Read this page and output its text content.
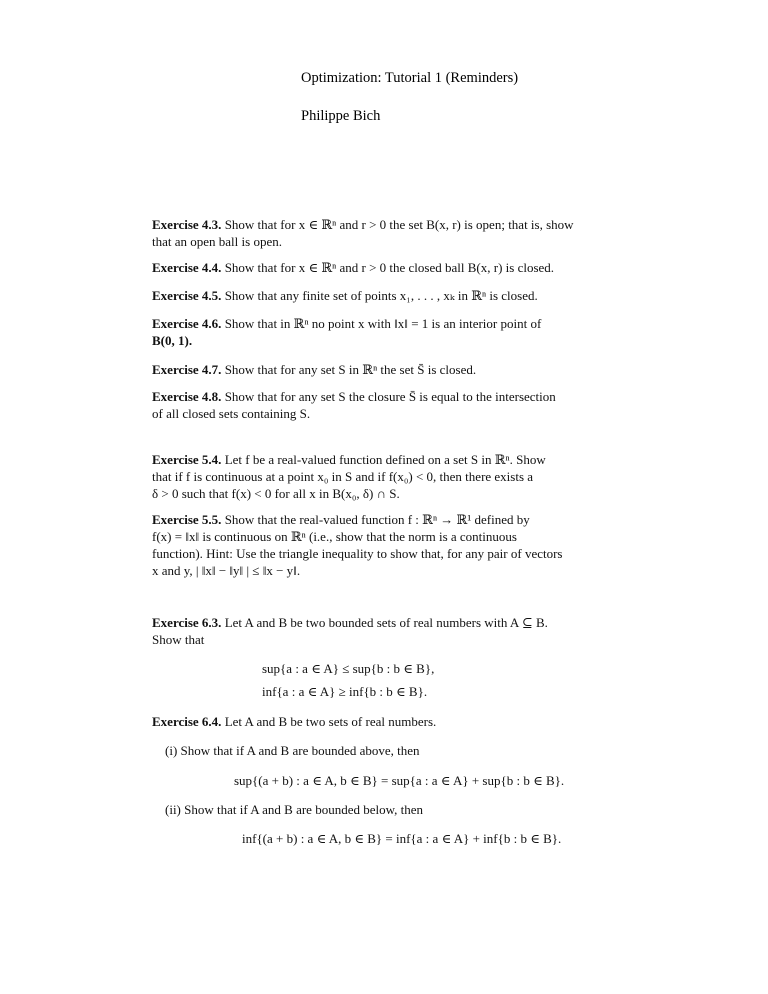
Optimization: Tutorial 1 (Reminders)
Philippe Bich
Exercise 4.3. Show that for x ∈ ℝⁿ and r > 0 the set B(x, r) is open; that is, show
that an open ball is open.
Exercise 4.4. Show that for x ∈ ℝⁿ and r > 0 the closed ball B(x, r) is closed.
Exercise 4.5. Show that any finite set of points x₁, . . . , xₖ in ℝⁿ is closed.
Exercise 4.6. Show that in ℝⁿ no point x with ‖x‖ = 1 is an interior point of
B(0, 1).
Exercise 4.7. Show that for any set S in ℝⁿ the set S̄ is closed.
Exercise 4.8. Show that for any set S the closure S̄ is equal to the intersection
of all closed sets containing S.
Exercise 5.4. Let f be a real-valued function defined on a set S in ℝⁿ. Show
that if f is continuous at a point x₀ in S and if f(x₀) < 0, then there exists a
δ > 0 such that f(x) < 0 for all x in B(x₀, δ) ∩ S.
Exercise 5.5. Show that the real-valued function f : ℝⁿ → ℝ¹ defined by
f(x) = ‖x‖ is continuous on ℝⁿ (i.e., show that the norm is a continuous
function). Hint: Use the triangle inequality to show that, for any pair of vectors
x and y, | ‖x‖ − ‖y‖ | ≤ ‖x − y‖.
Exercise 6.3. Let A and B be two bounded sets of real numbers with A ⊆ B.
Show that
sup{a : a ∈ A} ≤ sup{b : b ∈ B},
inf{a : a ∈ A} ≥ inf{b : b ∈ B}.
Exercise 6.4. Let A and B be two sets of real numbers.
(i) Show that if A and B are bounded above, then
sup{(a + b) : a ∈ A, b ∈ B} = sup{a : a ∈ A} + sup{b : b ∈ B}.
(ii) Show that if A and B are bounded below, then
inf{(a + b) : a ∈ A, b ∈ B} = inf{a : a ∈ A} + inf{b : b ∈ B}.
